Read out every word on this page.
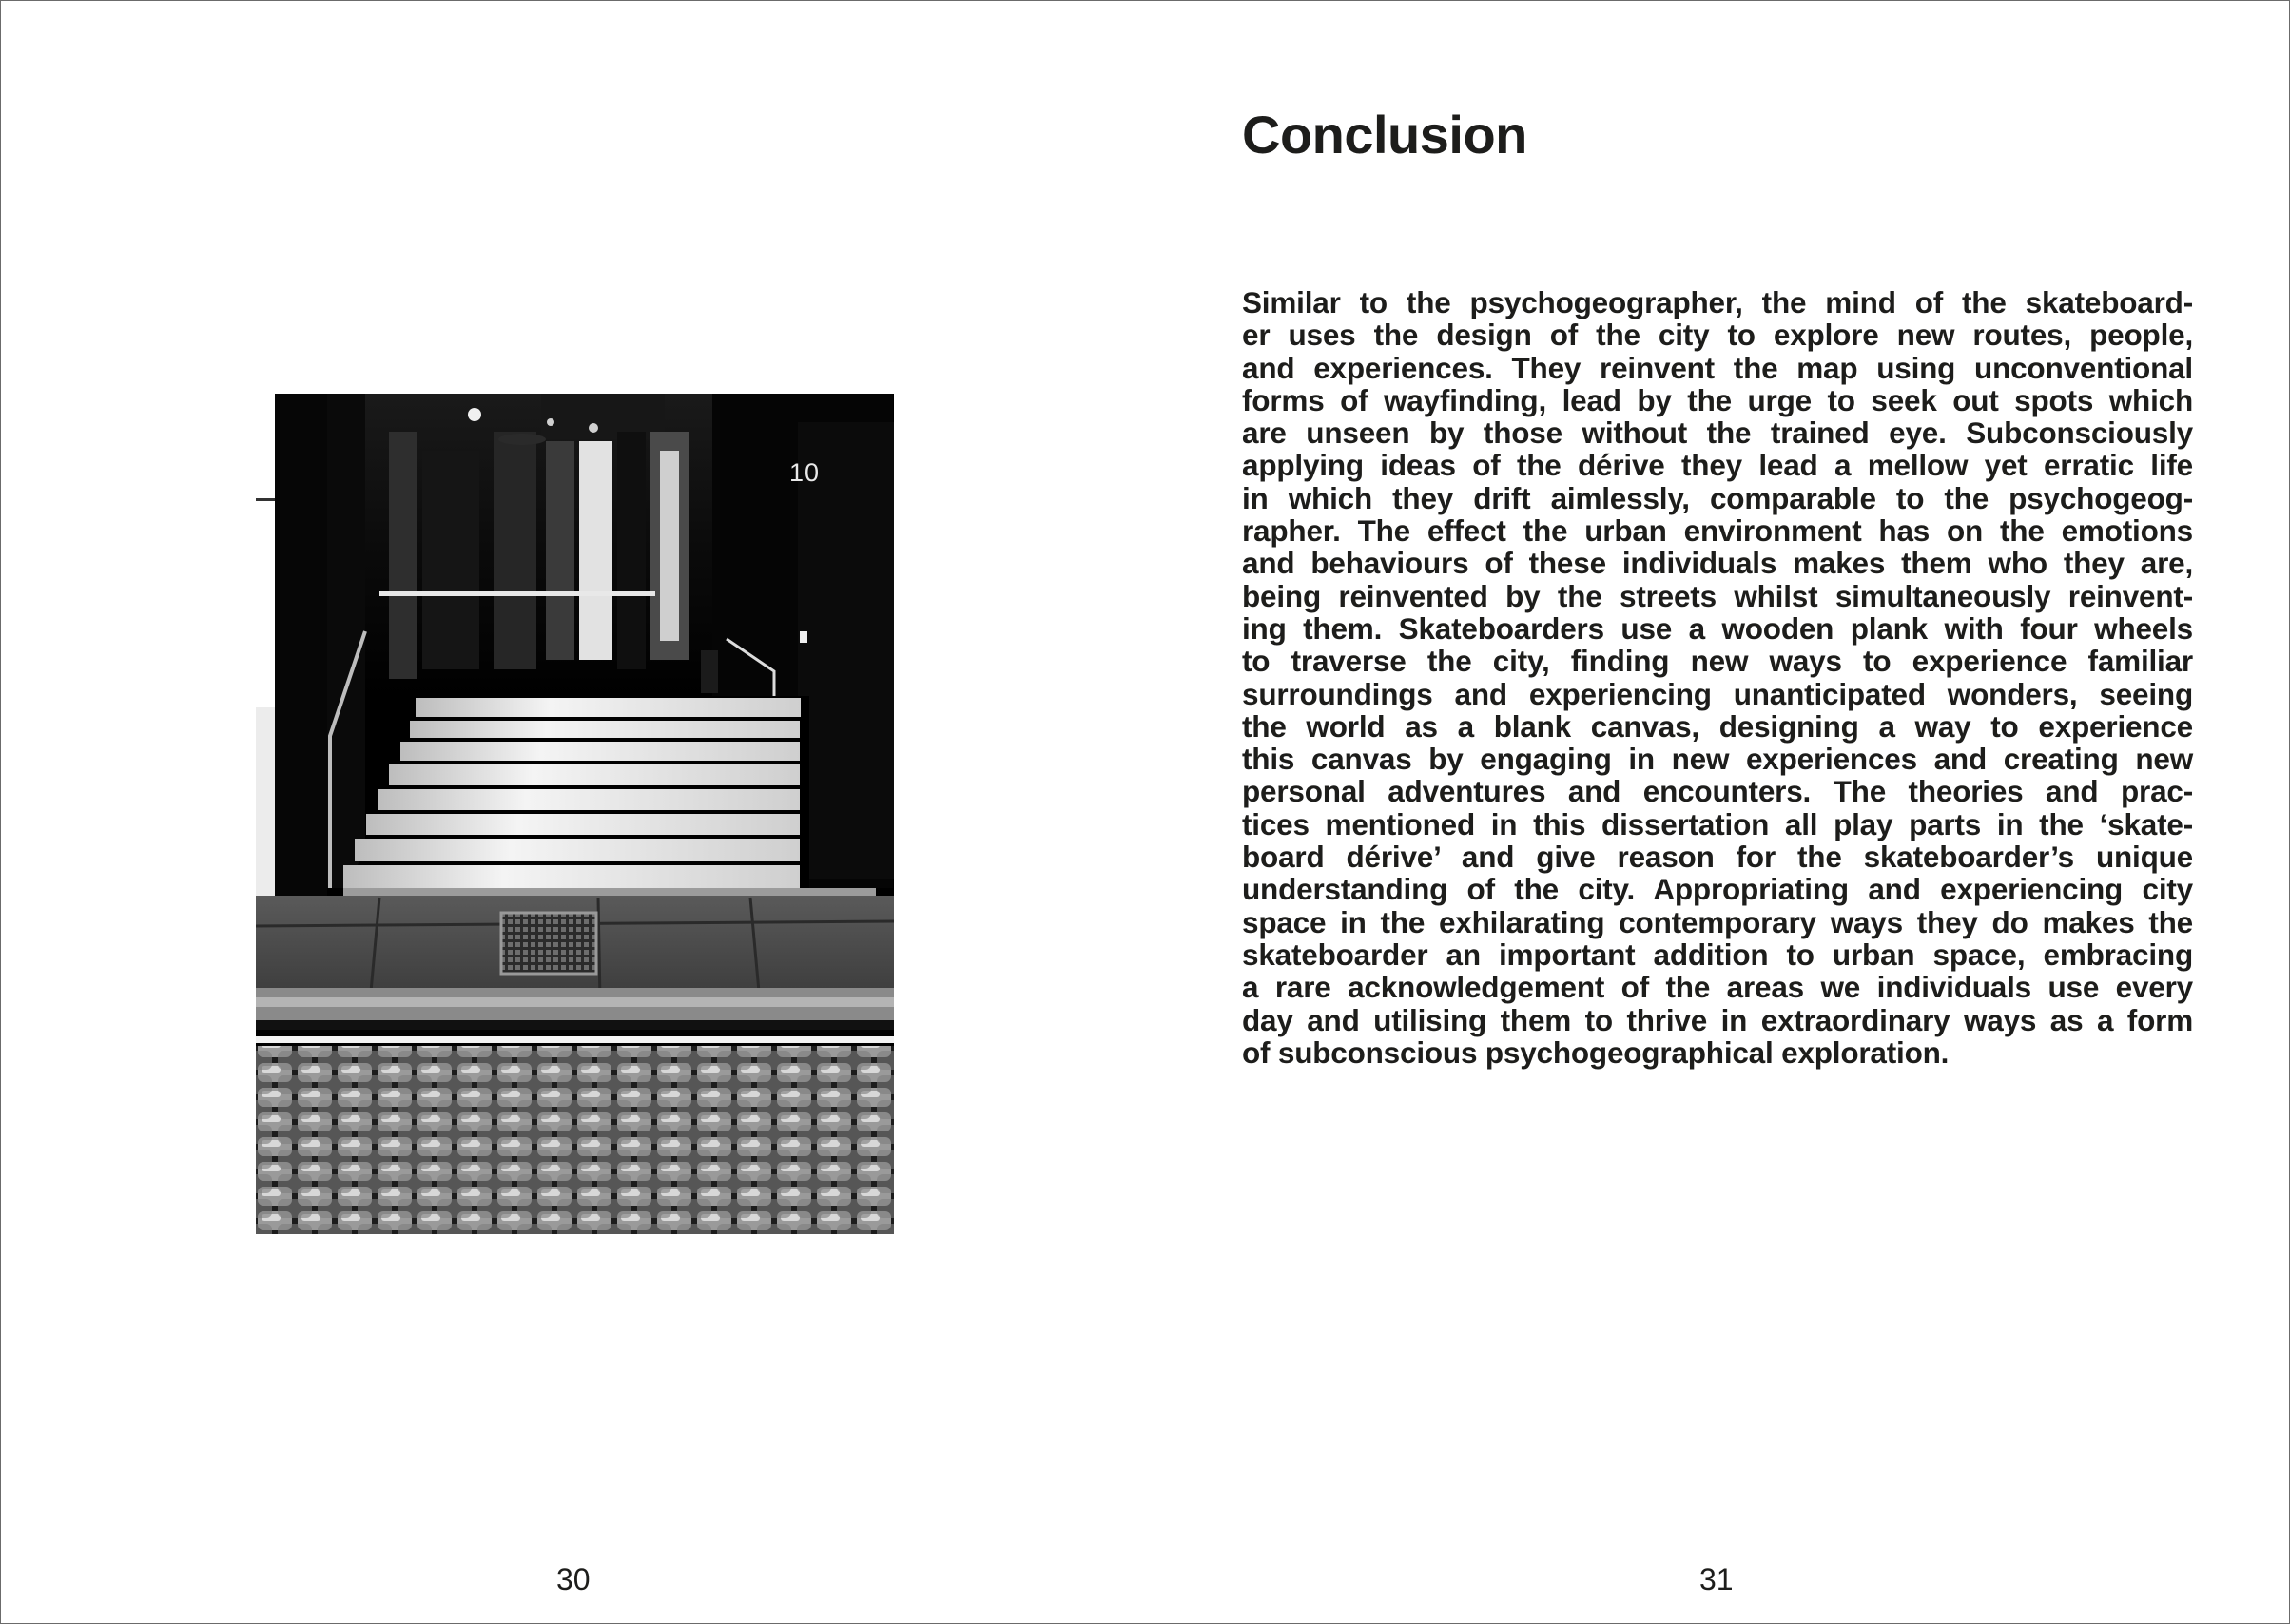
10
30
Conclusion
Similar to the psychogeographer, the mind of the skateboard-
er uses the design of the city to explore new routes, people,
and experiences. They reinvent the map using unconventional
forms of wayfinding, lead by the urge to seek out spots which
are unseen by those without the trained eye. Subconsciously
applying ideas of the dérive they lead a mellow yet erratic life
in which they drift aimlessly, comparable to the psychogeog-
rapher. The effect the urban environment has on the emotions
and behaviours of these individuals makes them who they are,
being reinvented by the streets whilst simultaneously reinvent-
ing them. Skateboarders use a wooden plank with four wheels
to traverse the city, finding new ways to experience familiar
surroundings and experiencing unanticipated wonders, seeing
the world as a blank canvas, designing a way to experience
this canvas by engaging in new experiences and creating new
personal adventures and encounters. The theories and prac-
tices mentioned in this dissertation all play parts in the ‘skate-
board dérive’ and give reason for the skateboarder’s unique
understanding of the city. Appropriating and experiencing city
space in the exhilarating contemporary ways they do makes the
skateboarder an important addition to urban space, embracing
a rare acknowledgement of the areas we individuals use every
day and utilising them to thrive in extraordinary ways as a form
of subconscious psychogeographical exploration.
31
